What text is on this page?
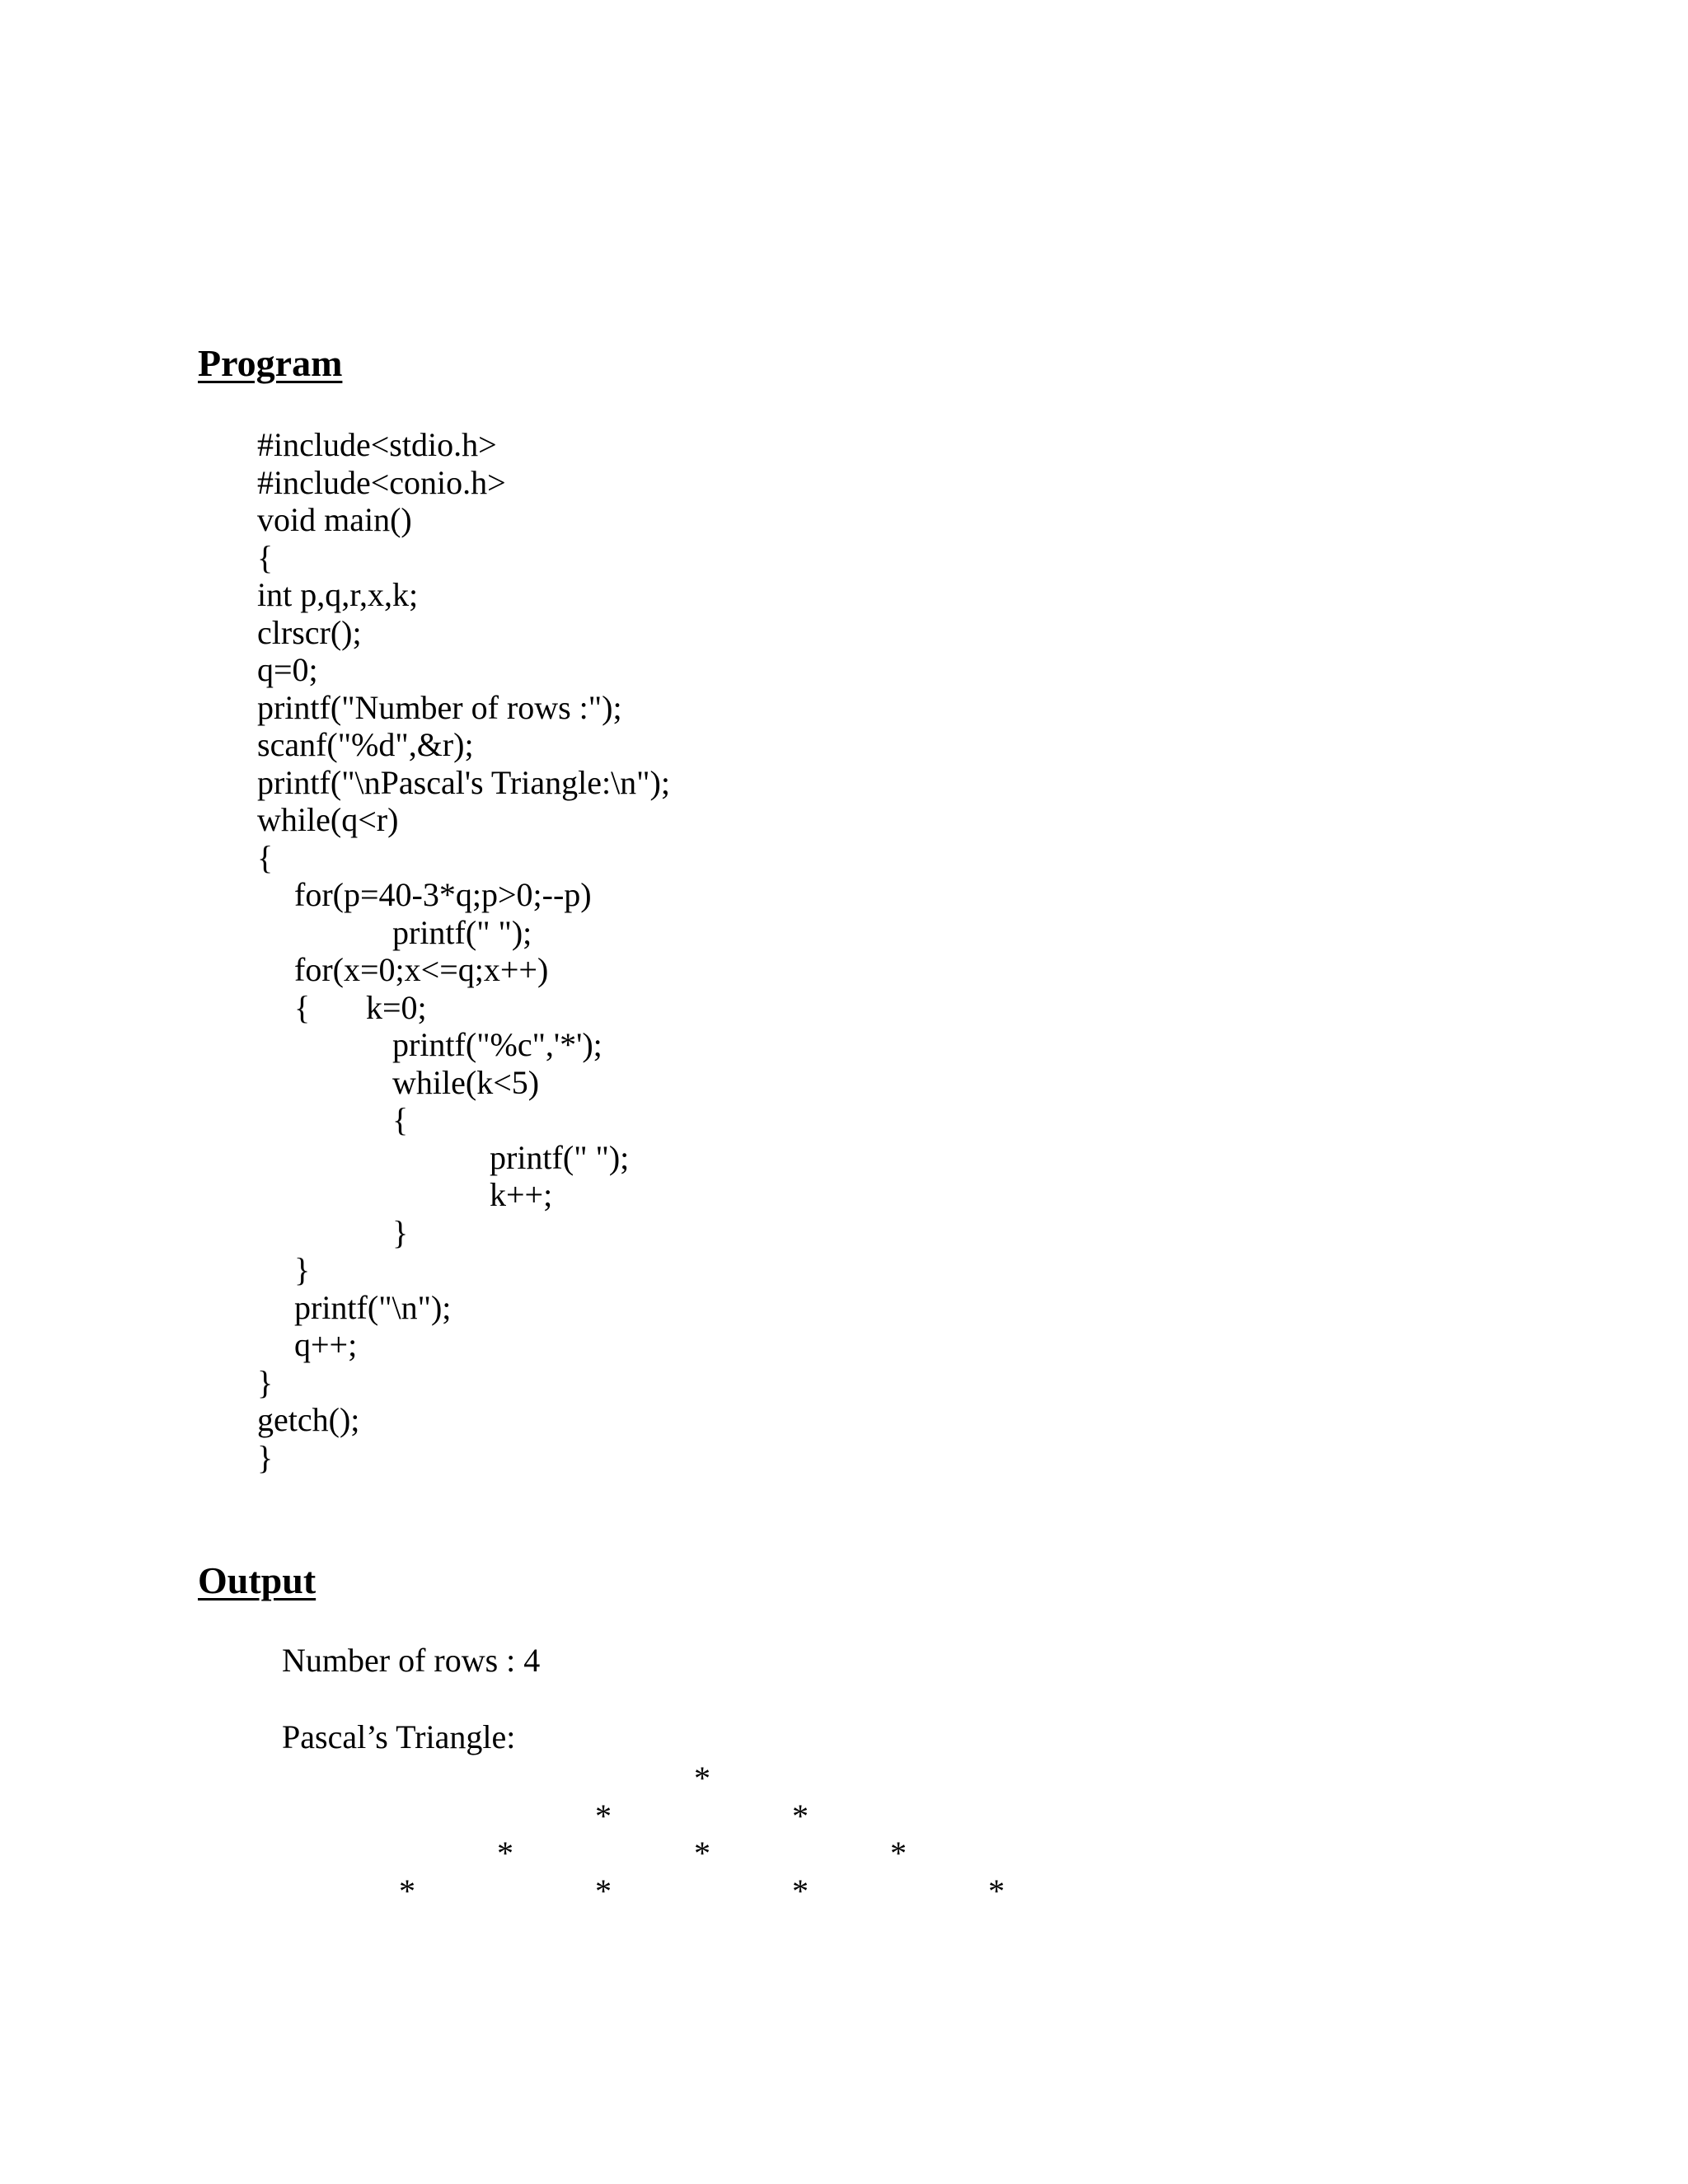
Program
#include<stdio.h>
#include<conio.h>
void main()
{
int p,q,r,x,k;
clrscr();
q=0;
printf("Number of rows :");
scanf("%d",&r);
printf("\nPascal's Triangle:\n");
while(q<r)
{
for(p=40-3*q;p>0;--p)
printf(" ");
for(x=0;x<=q;x++)
{ k=0;
printf("%c",'*');
while(k<5)
{
printf(" ");
k++;
}
}
printf("\n");
q++;
}
getch();
}
Output
Number of rows : 4
Pascal’s Triangle:
*
*	*
*	*	*
*	*	*	*
